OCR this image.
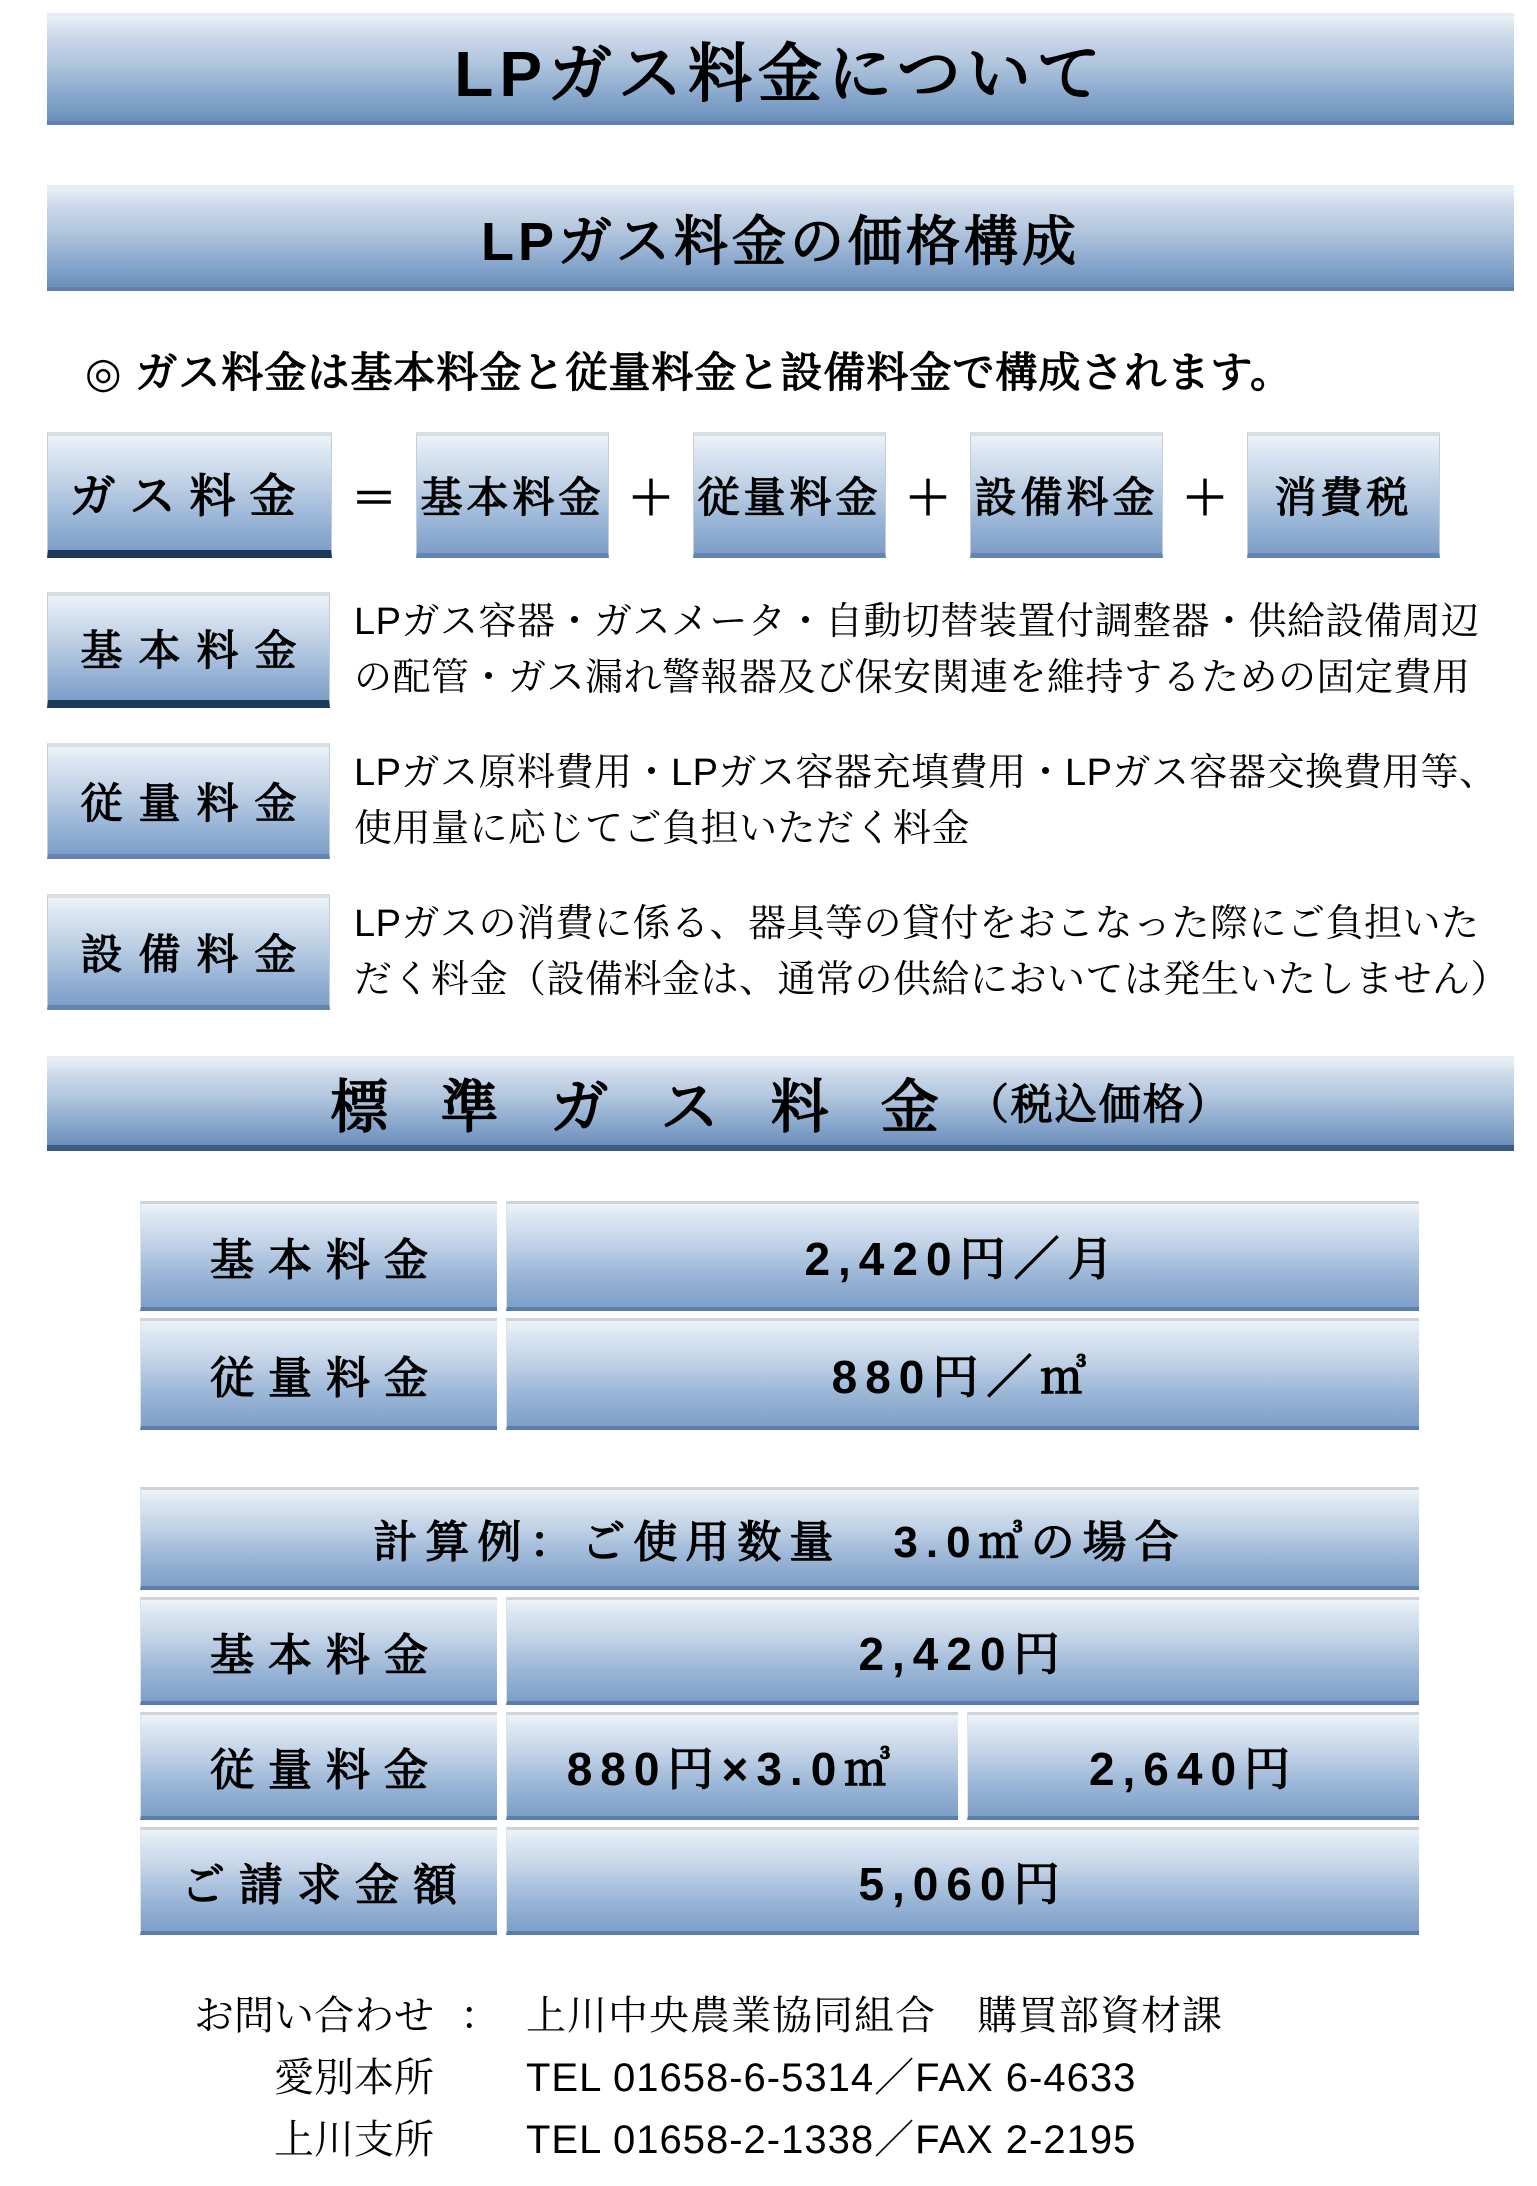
LPガス料金について
LPガス料金の価格構成

◎ ガス料金は基本料金と従量料金と設備料金で構成されます。

ガス料金 ＝ 基本料金 ＋ 従量料金 ＋ 設備料金 ＋ 消費税
基本料金

LPガス容器・ガスメータ・自動切替装置付調整器・供給設備周辺の配管・ガス漏れ警報器及び保安関連を維持するための固定費用

従量料金

LPガス原料費用・LPガス容器充填費用・LPガス容器交換費用等、使用量に応じてご負担いただく料金

設備料金

LPガスの消費に係る、器具等の貸付をおこなった際にご負担いただく料金（設備料金は、通常の供給においては発生いたしません）

標 準 ガ ス 料 金 （税込価格）
基本料金	2,420円／月
従量料金	880円／㎥
計算例：ご使用数量　3.0㎥の場合
基本料金	2,420円
従量料金	880円×3.0㎥	2,640円
ご請求金額	5,060円
お問い合わせ ： 上川中央農業協同組合　購買部資材課
愛別本所 TEL 01658-6-5314／FAX 6-4633
上川支所 TEL 01658-2-1338／FAX 2-2195
